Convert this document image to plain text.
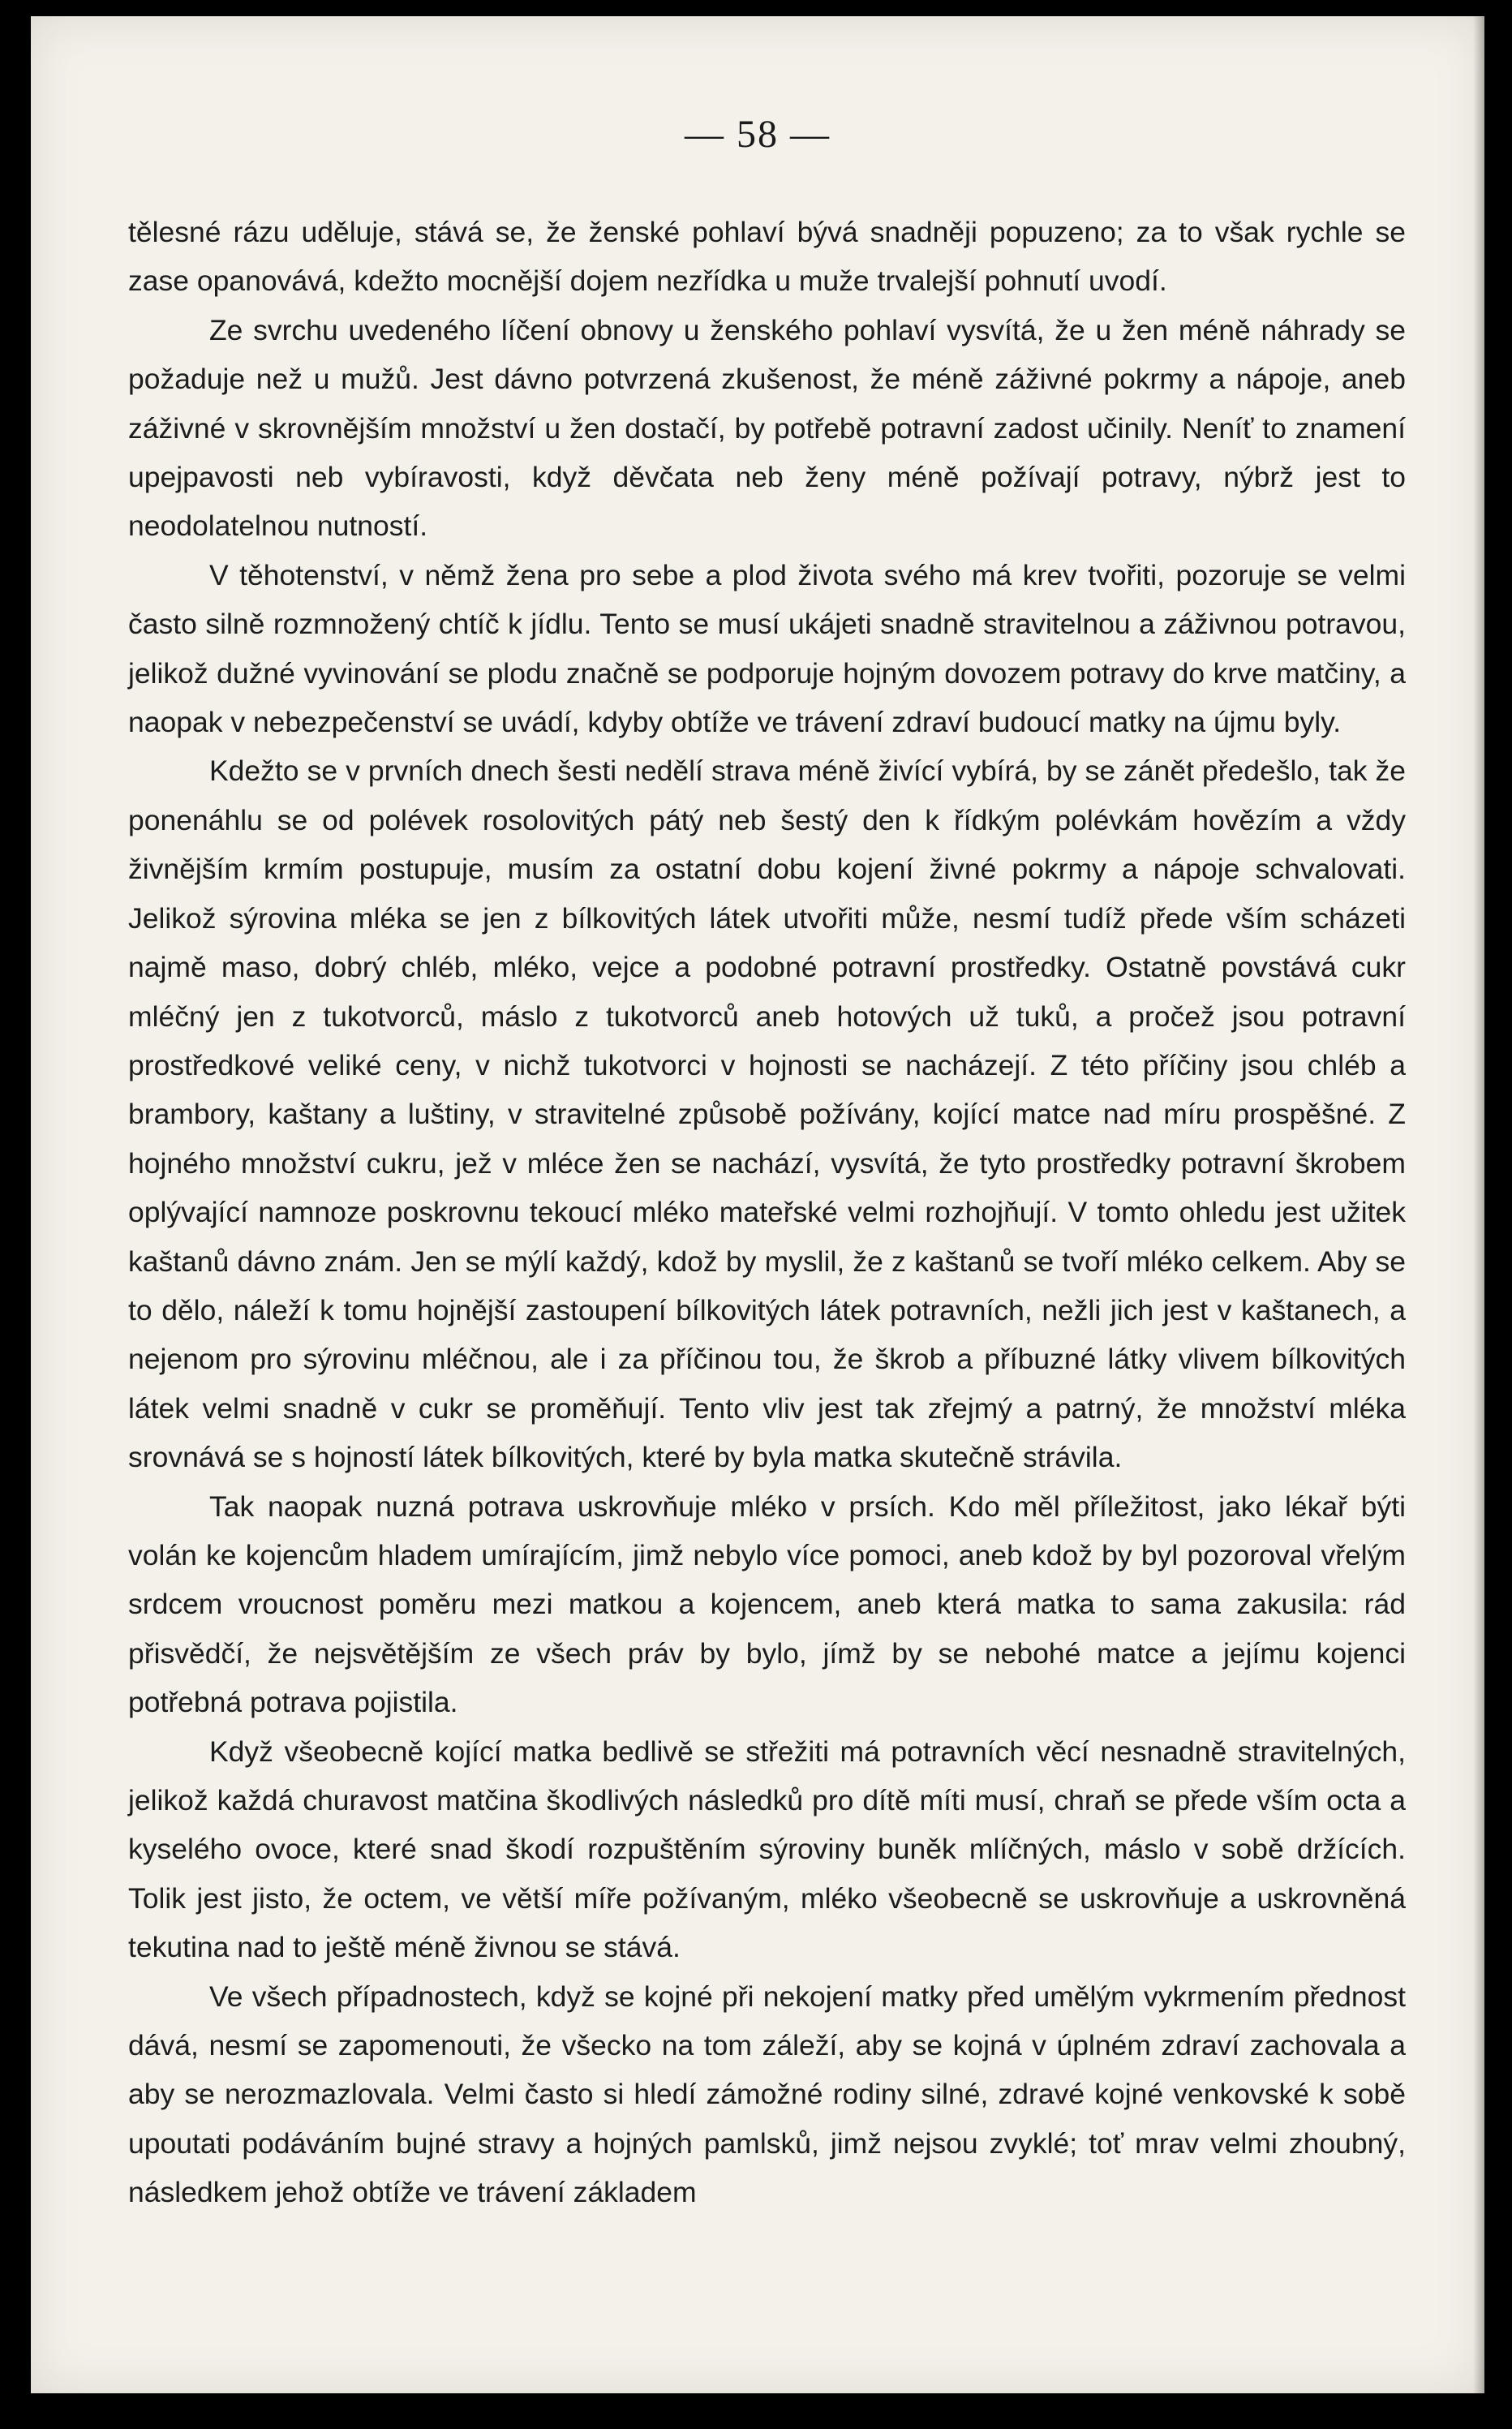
— 58 —

tělesné rázu uděluje, stává se, že ženské pohlaví bývá snadněji popuzeno; za to však rychle se zase opanovává, kdežto mocnější dojem nezřídka u muže trvalejší pohnutí uvodí.

Ze svrchu uvedeného líčení obnovy u ženského pohlaví vysvítá, že u žen méně náhrady se požaduje než u mužů. Jest dávno potvrzená zkušenost, že méně záživné pokrmy a nápoje, aneb záživné v skrovnějším množství u žen dostačí, by potřebě potravní zadost učinily. Neníť to znamení upejpavosti neb vybíravosti, když děvčata neb ženy méně požívají potravy, nýbrž jest to neodolatelnou nutností.

V těhotenství, v němž žena pro sebe a plod života svého má krev tvořiti, pozoruje se velmi často silně rozmnožený chtíč k jídlu. Tento se musí ukájeti snadně stravitelnou a záživnou potravou, jelikož dužné vyvinování se plodu značně se podporuje hojným dovozem potravy do krve matčiny, a naopak v nebezpečenství se uvádí, kdyby obtíže ve trávení zdraví budoucí matky na újmu byly.

Kdežto se v prvních dnech šesti nedělí strava méně živící vybírá, by se zánět předešlo, tak že ponenáhlu se od polévek rosolovitých pátý neb šestý den k řídkým polévkám hovězím a vždy živnějším krmím postupuje, musím za ostatní dobu kojení živné pokrmy a nápoje schvalovati. Jelikož sýrovina mléka se jen z bílkovitých látek utvořiti může, nesmí tudíž přede vším scházeti najmě maso, dobrý chléb, mléko, vejce a podobné potravní prostředky. Ostatně povstává cukr mléčný jen z tukotvorců, máslo z tukotvorců aneb hotových už tuků, a pročež jsou potravní prostředkové veliké ceny, v nichž tukotvorci v hojnosti se nacházejí. Z této příčiny jsou chléb a brambory, kaštany a luštiny, v stravitelné způsobě požívány, kojící matce nad míru prospěšné. Z hojného množství cukru, jež v mléce žen se nachází, vysvítá, že tyto prostředky potravní škrobem oplývající namnoze poskrovnu tekoucí mléko mateřské velmi rozhojňují. V tomto ohledu jest užitek kaštanů dávno znám. Jen se mýlí každý, kdož by myslil, že z kaštanů se tvoří mléko celkem. Aby se to dělo, náleží k tomu hojnější zastoupení bílkovitých látek potravních, nežli jich jest v kaštanech, a nejenom pro sýrovinu mléčnou, ale i za příčinou tou, že škrob a příbuzné látky vlivem bílkovitých látek velmi snadně v cukr se proměňují. Tento vliv jest tak zřejmý a patrný, že množství mléka srovnává se s hojností látek bílkovitých, které by byla matka skutečně strávila.

Tak naopak nuzná potrava uskrovňuje mléko v prsích. Kdo měl příležitost, jako lékař býti volán ke kojencům hladem umírajícím, jimž nebylo více pomoci, aneb kdož by byl pozoroval vřelým srdcem vroucnost poměru mezi matkou a kojencem, aneb která matka to sama zakusila: rád přisvědčí, že nejsvětějším ze všech práv by bylo, jímž by se nebohé matce a jejímu kojenci potřebná potrava pojistila.

Když všeobecně kojící matka bedlivě se střežiti má potravních věcí nesnadně stravitelných, jelikož každá churavost matčina škodlivých následků pro dítě míti musí, chraň se přede vším octa a kyselého ovoce, které snad škodí rozpuštěním sýroviny buněk mlíčných, máslo v sobě držících. Tolik jest jisto, že octem, ve větší míře požívaným, mléko všeobecně se uskrovňuje a uskrovněná tekutina nad to ještě méně živnou se stává.

Ve všech případnostech, když se kojné při nekojení matky před umělým vykrmením přednost dává, nesmí se zapomenouti, že všecko na tom záleží, aby se kojná v úplném zdraví zachovala a aby se nerozmazlovala. Velmi často si hledí zámožné rodiny silné, zdravé kojné venkovské k sobě upoutati podáváním bujné stravy a hojných pamlsků, jimž nejsou zvyklé; toť mrav velmi zhoubný, následkem jehož obtíže ve trávení základem
